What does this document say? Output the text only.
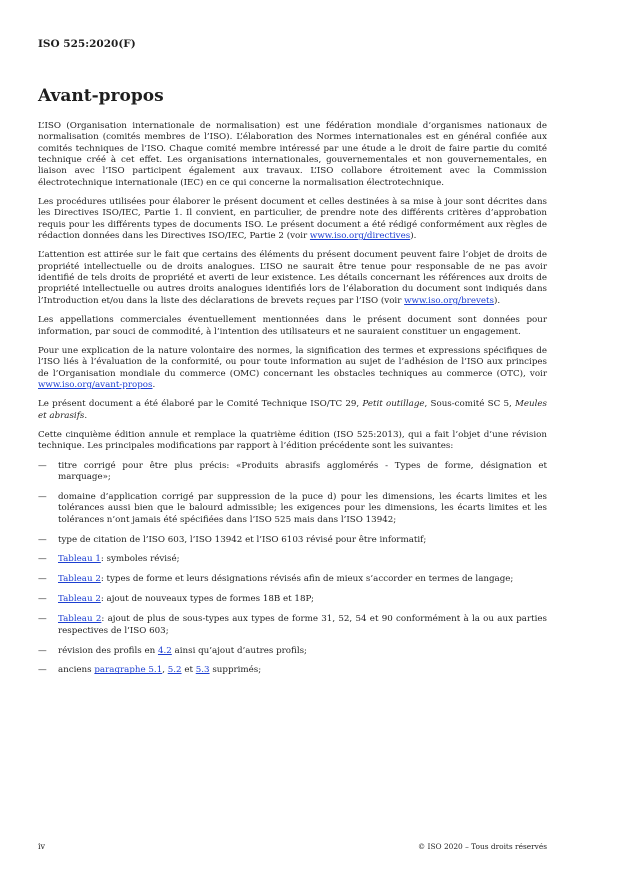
ISO 525:2020(F)
Avant-propos

L’ISO (Organisation internationale de normalisation) est une fédération mondiale d’organismes nationaux de normalisation (comités membres de l’ISO). L’élaboration des Normes internationales est en général confiée aux comités techniques de l’ISO. Chaque comité membre intéressé par une étude a le droit de faire partie du comité technique créé à cet effet. Les organisations internationales, gouvernementales et non gouvernementales, en liaison avec l’ISO participent également aux travaux. L’ISO collabore étroitement avec la Commission électrotechnique internationale (IEC) en ce qui concerne la normalisation électrotechnique.

Les procédures utilisées pour élaborer le présent document et celles destinées à sa mise à jour sont décrites dans les Directives ISO/IEC, Partie 1. Il convient, en particulier, de prendre note des différents critères d’approbation requis pour les différents types de documents ISO. Le présent document a été rédigé conformément aux règles de rédaction données dans les Directives ISO/IEC, Partie 2 (voir www.iso.org/directives).

L’attention est attirée sur le fait que certains des éléments du présent document peuvent faire l’objet de droits de propriété intellectuelle ou de droits analogues. L’ISO ne saurait être tenue pour responsable de ne pas avoir identifié de tels droits de propriété et averti de leur existence. Les détails concernant les références aux droits de propriété intellectuelle ou autres droits analogues identifiés lors de l’élaboration du document sont indiqués dans l’Introduction et/ou dans la liste des déclarations de brevets reçues par l’ISO (voir www.iso.org/brevets).

Les appellations commerciales éventuellement mentionnées dans le présent document sont données pour information, par souci de commodité, à l’intention des utilisateurs et ne sauraient constituer un engagement.

Pour une explication de la nature volontaire des normes, la signification des termes et expressions spécifiques de l’ISO liés à l’évaluation de la conformité, ou pour toute information au sujet de l’adhésion de l’ISO aux principes de l’Organisation mondiale du commerce (OMC) concernant les obstacles techniques au commerce (OTC), voir www.iso.org/avant-propos.

Le présent document a été élaboré par le Comité Technique ISO/TC 29, Petit outillage, Sous-comité SC 5, Meules et abrasifs.

Cette cinquième édition annule et remplace la quatrième édition (ISO 525:2013), qui a fait l’objet d’une révision technique. Les principales modifications par rapport à l’édition précédente sont les suivantes:

— titre corrigé pour être plus précis: «Produits abrasifs agglomérés - Types de forme, désignation et marquage»;
— domaine d’application corrigé par suppression de la puce d) pour les dimensions, les écarts limites et les tolérances aussi bien que le balourd admissible; les exigences pour les dimensions, les écarts limites et les tolérances n’ont jamais été spécifiées dans l’ISO 525 mais dans l’ISO 13942;
— type de citation de l’ISO 603, l’ISO 13942 et l’ISO 6103 révisé pour être informatif;
— Tableau 1: symboles révisé;
— Tableau 2: types de forme et leurs désignations révisés afin de mieux s’accorder en termes de langage;
— Tableau 2: ajout de nouveaux types de formes 18B et 18P;
— Tableau 2: ajout de plus de sous-types aux types de forme 31, 52, 54 et 90 conformément à la ou aux parties respectives de l’ISO 603;
— révision des profils en 4.2 ainsi qu’ajout d’autres profils;
— anciens paragraphe 5.1, 5.2 et 5.3 supprimés;
iv	© ISO 2020 – Tous droits réservés
